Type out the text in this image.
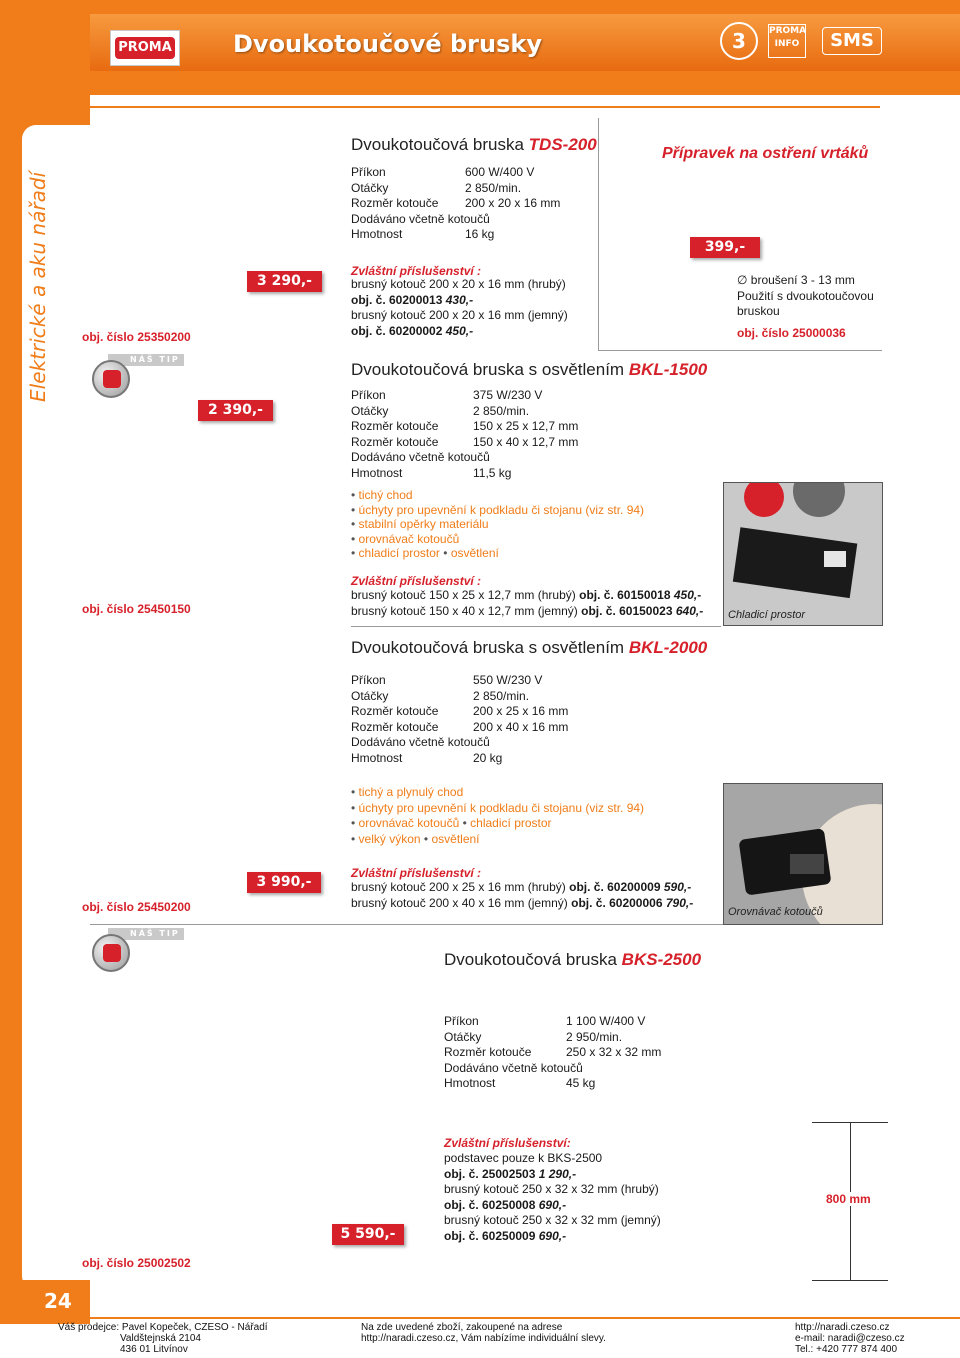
PROMA	Dvoukotoučové brusky	3	PROMA INFO	SMS
Elektrické a aku nářadí
Dvoukotoučová bruska TDS-200
Příkon	600 W/400 V
Otáčky	2 850/min.
Rozměr kotouče 200 x 20 x 16 mm
Dodáváno včetně kotoučů
Hmotnost	16 kg
Zvláštní příslušenství :
brusný kotouč 200 x 20 x 16 mm (hrubý)
obj. č. 60200013 430,-
brusný kotouč 200 x 20 x 16 mm (jemný)
obj. č. 60200002 450,-
obj. číslo 25350200
3 290,-
NÁŠ TIP
Dvoukotoučová bruska s osvětlením BKL-1500
Příkon	375 W/230 V
Otáčky	2 850/min.
Rozměr kotouče	150 x 25 x 12,7 mm
Rozměr kotouče	150 x 40 x 12,7 mm
Dodáváno včetně kotoučů
Hmotnost	11,5 kg
• tichý chod
• úchyty pro upevnění k podkladu či stojanu (viz str. 94)
• stabilní opěrky materiálu
• orovnávač kotoučů
• chladicí prostor • osvětlení
Zvláštní příslušenství :
brusný kotouč 150 x 25 x 12,7 mm (hrubý) obj. č. 60150018 450,-
brusný kotouč 150 x 40 x 12,7 mm (jemný) obj. č. 60150023 640,-
obj. číslo 25450150
2 390,-
Přípravek na ostření vrtáků
399,-
∅ broušení 3 - 13 mm
Použití s dvoukotoučovou
bruskou
obj. číslo 25000036
Chladicí prostor
Dvoukotoučová bruska s osvětlením BKL-2000
Příkon	550 W/230 V
Otáčky	2 850/min.
Rozměr kotouče	200 x 25 x 16 mm
Rozměr kotouče	200 x 40 x 16 mm
Dodáváno včetně kotoučů
Hmotnost	20 kg
• tichý a plynulý chod
• úchyty pro upevnění k podkladu či stojanu (viz str. 94)
• orovnávač kotoučů • chladicí prostor
• velký výkon • osvětlení
Zvláštní příslušenství :
brusný kotouč 200 x 25 x 16 mm (hrubý) obj. č. 60200009 590,-
brusný kotouč 200 x 40 x 16 mm (jemný) obj. č. 60200006 790,-
obj. číslo 25450200
3 990,-
Orovnávač kotoučů
NÁŠ TIP
Dvoukotoučová bruska BKS-2500
Příkon	1 100 W/400 V
Otáčky	2 950/min.
Rozměr kotouče	250 x 32 x 32 mm
Dodáváno včetně kotoučů
Hmotnost	45 kg
Zvláštní příslušenství:
podstavec pouze k BKS-2500
obj. č. 25002503 1 290,-
brusný kotouč 250 x 32 x 32 mm (hrubý)
obj. č. 60250008 690,-
brusný kotouč 250 x 32 x 32 mm (jemný)
obj. č. 60250009 690,-
obj. číslo 25002502
5 590,-
800 mm
24
Váš prodejce: Pavel Kopeček, CZESO - Nářadí
Valdštejnská 2104
436 01 Litvínov
Na zde uvedené zboží, zakoupené na adrese
http://naradi.czeso.cz, Vám nabízíme individuální slevy.
http://naradi.czeso.cz
e-mail: naradi@czeso.cz
Tel.: +420 777 874 400
